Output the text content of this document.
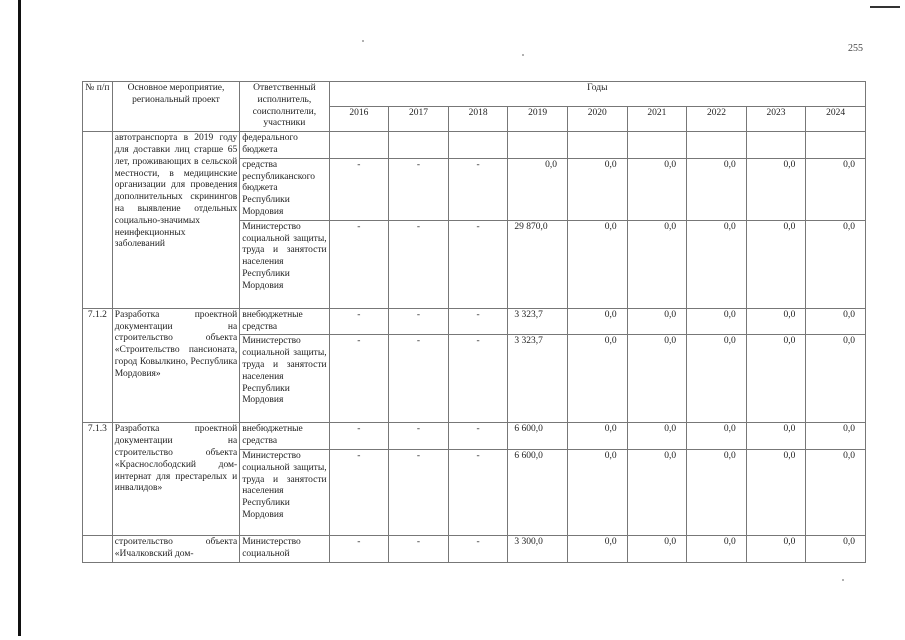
255
№ п/п	Основное мероприятие, региональный проект	Ответственный исполнитель, соисполнители, участники	Годы								
			2016	2017	2018	2019	2020	2021	2022	2023	2024
	автотранспорта в 2019 году для доставки лиц старше 65 лет, проживающих в сельской местности, в медицинские организации для проведения дополнительных скринингов на выявление отдельных социально-значимых неинфекционных заболеваний	федерального бюджета									
		средства республиканского бюджета Республики Мордовия	-	-	-	0,0	0,0	0,0	0,0	0,0	0,0
		Министерство социальной защиты, труда и занятости населения Республики Мордовия	-	-	-	29 870,0	0,0	0,0	0,0	0,0	0,0
7.1.2	Разработка проектной документации на строительство объекта «Строительство пансионата, город Ковылкино, Республика Мордовия»	внебюджетные средства	-	-	-	3 323,7	0,0	0,0	0,0	0,0	0,0
		Министерство социальной защиты, труда и занятости населения Республики Мордовия	-	-	-	3 323,7	0,0	0,0	0,0	0,0	0,0
7.1.3	Разработка проектной документации на строительство объекта «Краснослободский дом-интернат для престарелых и инвалидов»	внебюджетные средства	-	-	-	6 600,0	0,0	0,0	0,0	0,0	0,0
		Министерство социальной защиты, труда и занятости населения Республики Мордовия	-	-	-	6 600,0	0,0	0,0	0,0	0,0	0,0
	строительство объекта «Ичалковский дом-	Министерство социальной	-	-	-	3 300,0	0,0	0,0	0,0	0,0	0,0
